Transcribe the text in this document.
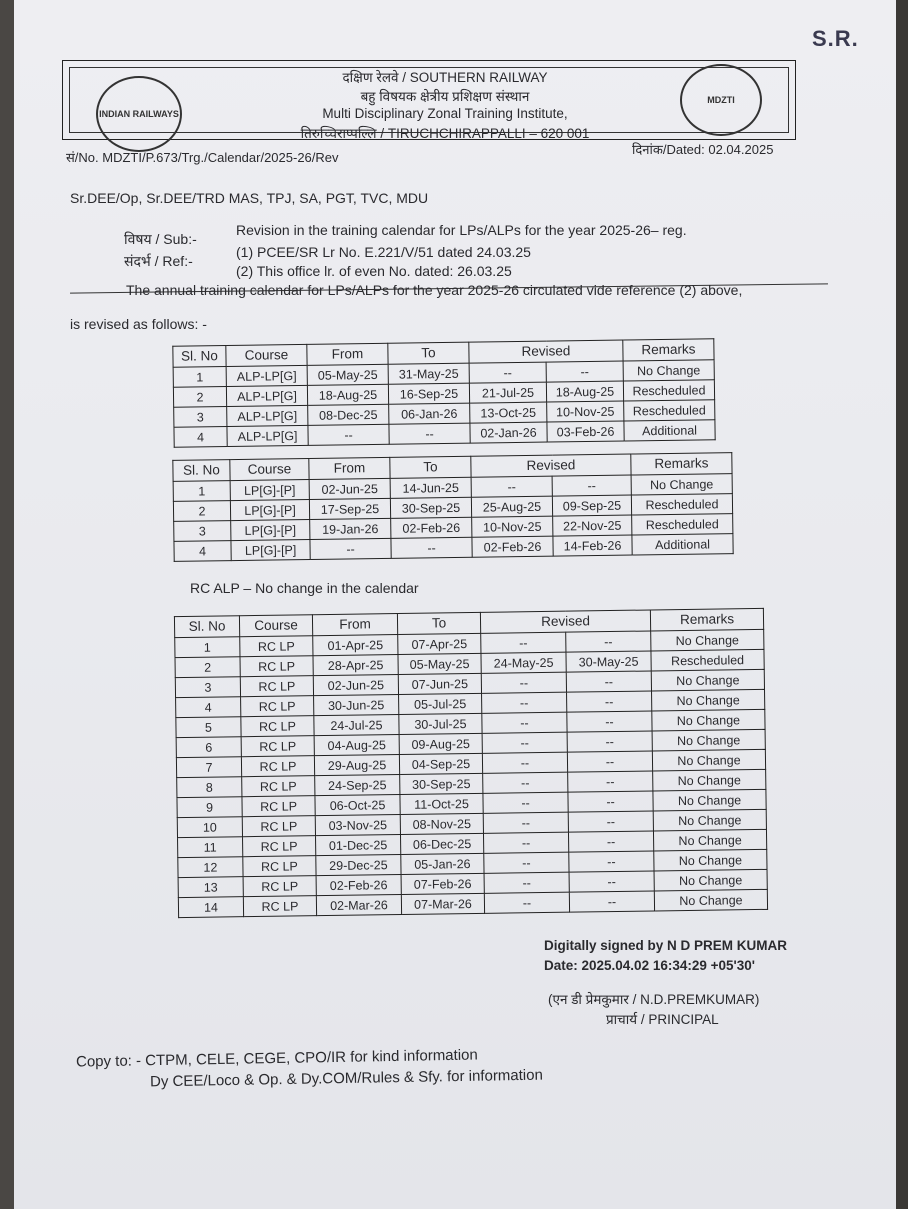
S.R.
INDIAN RAILWAYS
MDZTI
दक्षिण रेलवे / SOUTHERN RAILWAY
बहु विषयक क्षेत्रीय प्रशिक्षण संस्थान
Multi Disciplinary Zonal Training Institute,
तिरुच्चिराप्पल्लि / TIRUCHCHIRAPPALLI – 620 001
सं/No. MDZTI/P.673/Trg./Calendar/2025-26/Rev
दिनांक/Dated: 02.04.2025
Sr.DEE/Op, Sr.DEE/TRD MAS, TPJ, SA, PGT, TVC, MDU
विषय / Sub:-
Revision in the training calendar for LPs/ALPs for the year 2025-26– reg.
संदर्भ / Ref:-
(1) PCEE/SR Lr No. E.221/V/51 dated 24.03.25
(2) This office lr. of even No. dated: 26.03.25
The annual training calendar for LPs/ALPs for the year 2025-26 circulated vide reference (2) above,
is revised as follows: -
Sl. No	Course	From	To	Revised		Remarks
1	ALP-LP[G]	05-May-25	31-May-25	--	--	No Change
2	ALP-LP[G]	18-Aug-25	16-Sep-25	21-Jul-25	18-Aug-25	Rescheduled
3	ALP-LP[G]	08-Dec-25	06-Jan-26	13-Oct-25	10-Nov-25	Rescheduled
4	ALP-LP[G]	--	--	02-Jan-26	03-Feb-26	Additional
Sl. No	Course	From	To	Revised		Remarks
1	LP[G]-[P]	02-Jun-25	14-Jun-25	--	--	No Change
2	LP[G]-[P]	17-Sep-25	30-Sep-25	25-Aug-25	09-Sep-25	Rescheduled
3	LP[G]-[P]	19-Jan-26	02-Feb-26	10-Nov-25	22-Nov-25	Rescheduled
4	LP[G]-[P]	--	--	02-Feb-26	14-Feb-26	Additional
RC ALP – No change in the calendar
Sl. No	Course	From	To	Revised		Remarks
1	RC LP	01-Apr-25	07-Apr-25	--	--	No Change
2	RC LP	28-Apr-25	05-May-25	24-May-25	30-May-25	Rescheduled
3	RC LP	02-Jun-25	07-Jun-25	--	--	No Change
4	RC LP	30-Jun-25	05-Jul-25	--	--	No Change
5	RC LP	24-Jul-25	30-Jul-25	--	--	No Change
6	RC LP	04-Aug-25	09-Aug-25	--	--	No Change
7	RC LP	29-Aug-25	04-Sep-25	--	--	No Change
8	RC LP	24-Sep-25	30-Sep-25	--	--	No Change
9	RC LP	06-Oct-25	11-Oct-25	--	--	No Change
10	RC LP	03-Nov-25	08-Nov-25	--	--	No Change
11	RC LP	01-Dec-25	06-Dec-25	--	--	No Change
12	RC LP	29-Dec-25	05-Jan-26	--	--	No Change
13	RC LP	02-Feb-26	07-Feb-26	--	--	No Change
14	RC LP	02-Mar-26	07-Mar-26	--	--	No Change
Digitally signed by N D PREM KUMAR
Date: 2025.04.02 16:34:29 +05'30'
(एन डी प्रेमकुमार / N.D.PREMKUMAR)
प्राचार्य / PRINCIPAL
Copy to: - CTPM, CELE, CEGE, CPO/IR for kind information
Dy CEE/Loco & Op. & Dy.COM/Rules & Sfy. for information
